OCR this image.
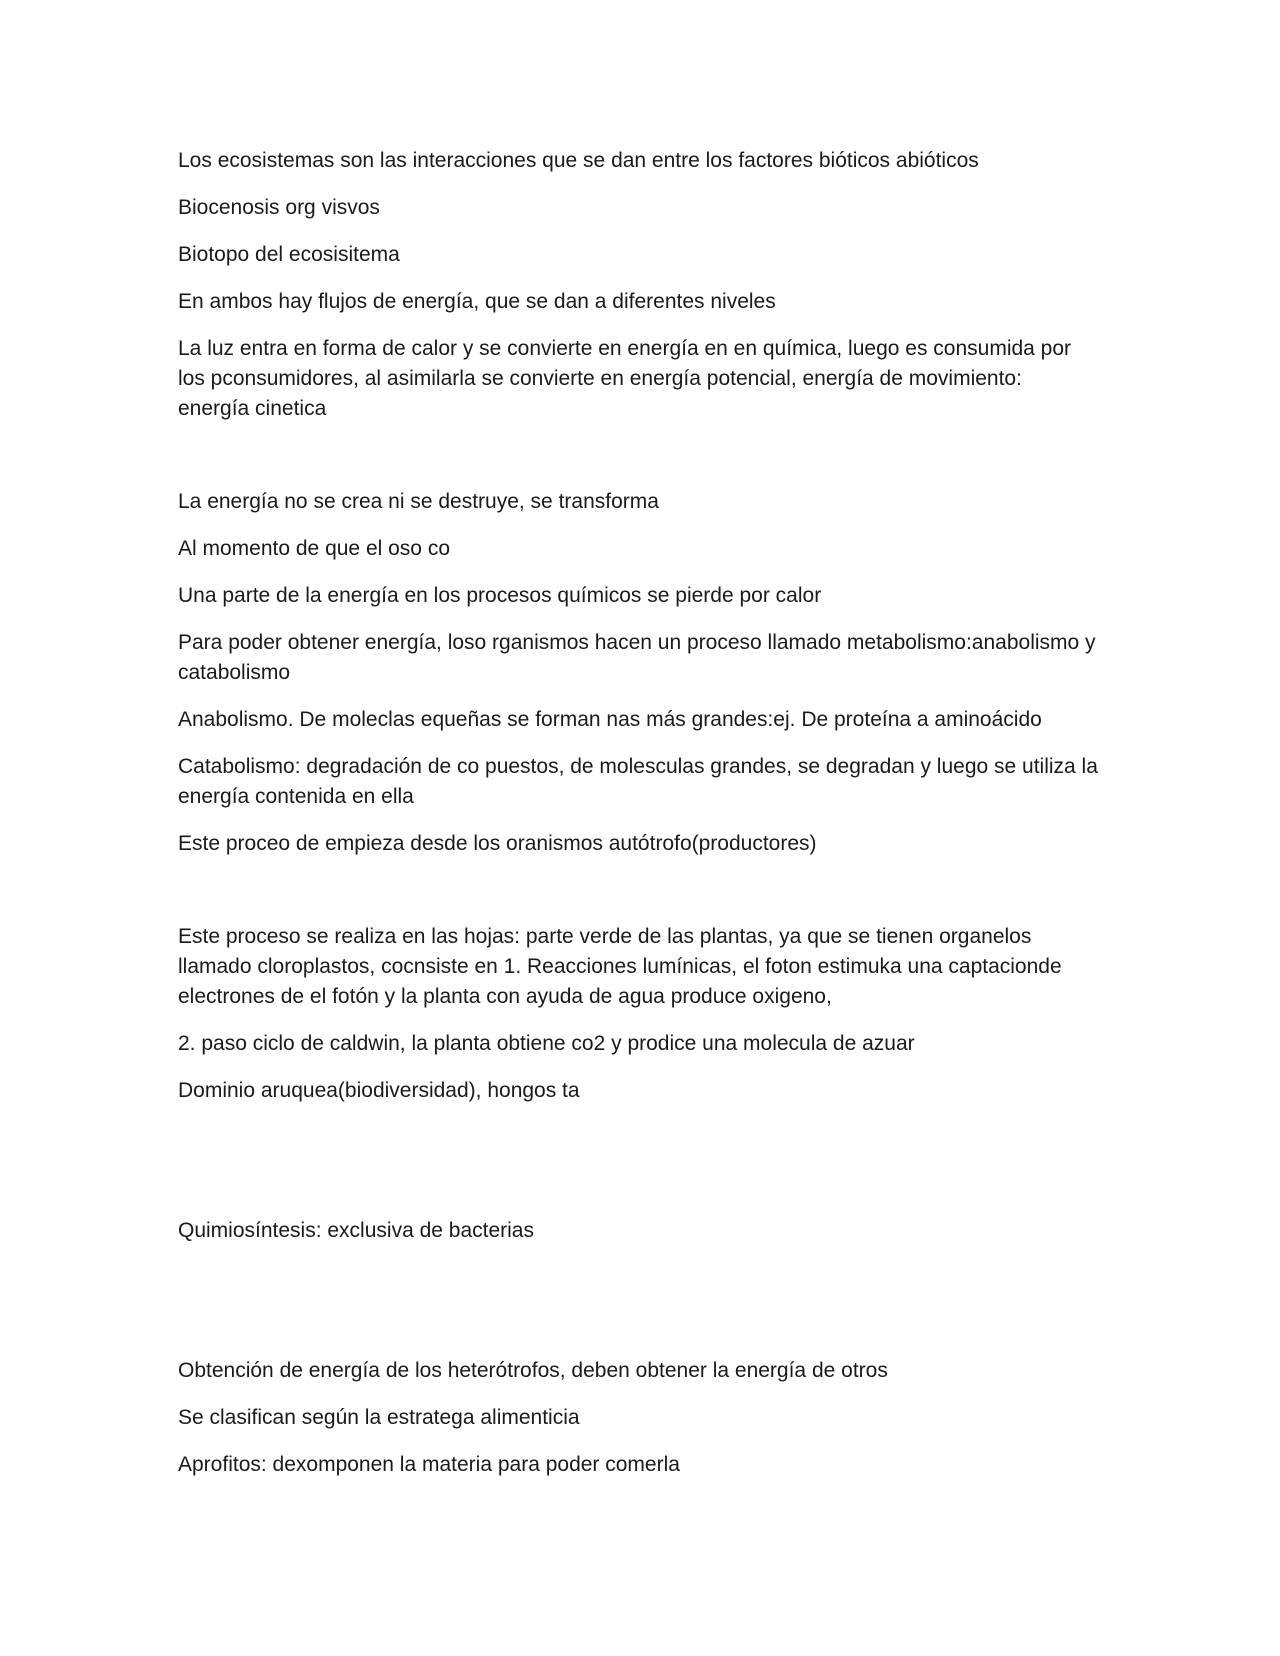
Los ecosistemas son las interacciones que se dan entre los factores bióticos abióticos

Biocenosis org visvos

Biotopo del ecosisitema

En ambos hay flujos de energía, que se dan a diferentes niveles

La luz entra en forma de calor y se convierte en energía en en química, luego es consumida por los pconsumidores, al asimilarla se convierte en energía potencial, energía de movimiento: energía cinetica

La energía no se crea ni se destruye, se transforma

Al momento de que el oso co

Una parte de la energía en los procesos químicos se pierde por calor

Para poder obtener energía, loso rganismos hacen un proceso llamado metabolismo:anabolismo y catabolismo

Anabolismo. De moleclas equeñas se forman nas más grandes:ej. De proteína a aminoácido

Catabolismo: degradación de co puestos, de molesculas grandes, se degradan y luego se utiliza la energía contenida en ella

Este proceo de empieza desde los oranismos autótrofo(productores)

Este proceso se realiza en las hojas: parte verde de las plantas, ya que se tienen organelos llamado cloroplastos, cocnsiste en 1. Reacciones lumínicas, el foton estimuka una captacionde electrones de el fotón y la planta con ayuda de agua produce oxigeno,

2. paso ciclo de caldwin, la planta obtiene co2 y prodice una molecula de azuar

Dominio aruquea(biodiversidad), hongos ta

Quimiosíntesis: exclusiva de bacterias

Obtención de energía de los heterótrofos, deben obtener la energía de otros

Se clasifican según la estratega alimenticia

Aprofitos: dexomponen la materia para poder comerla
